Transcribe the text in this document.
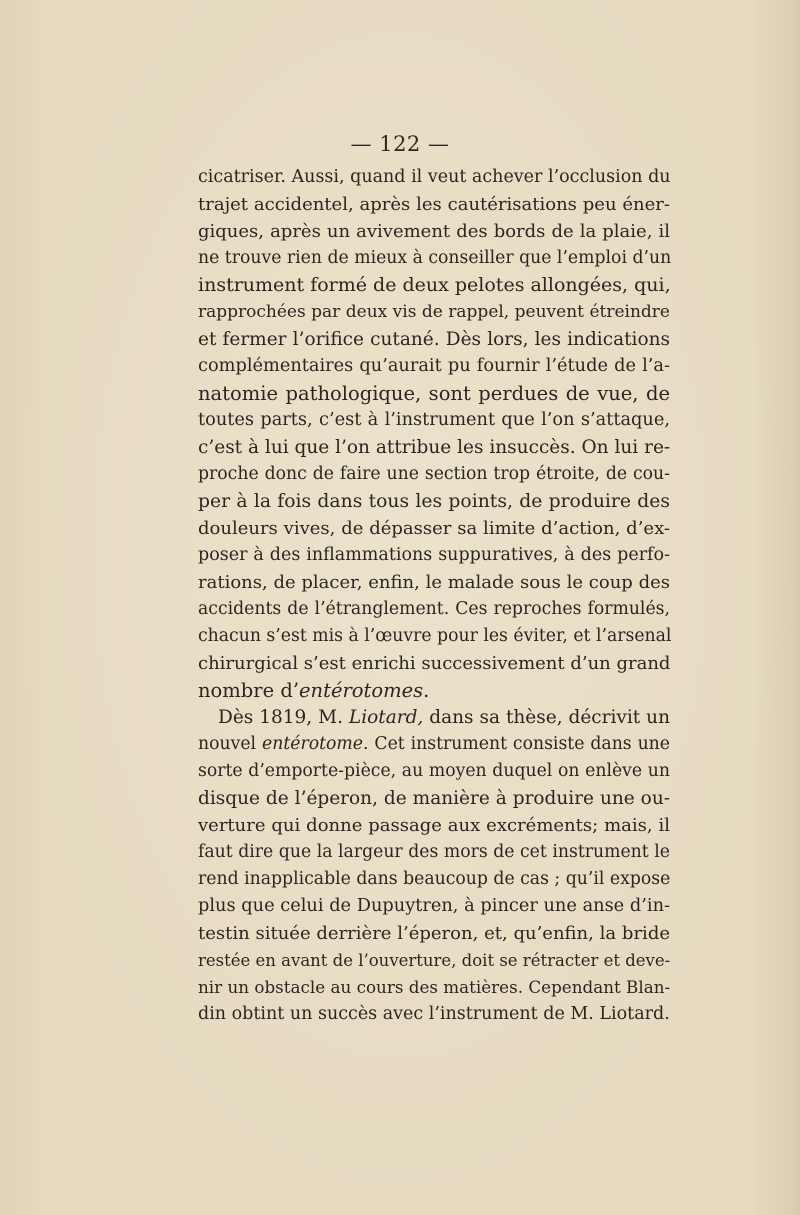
— 122 —
cicatriser. Aussi, quand il veut achever l’occlusion du
trajet accidentel, après les cautérisations peu éner-
giques, après un avivement des bords de la plaie, il
ne trouve rien de mieux à conseiller que l’emploi d’un
instrument formé de deux pelotes allongées, qui,
rapprochées par deux vis de rappel, peuvent étreindre
et fermer l’orifice cutané. Dès lors, les indications
complémentaires qu’aurait pu fournir l’étude de l’a-
natomie pathologique, sont perdues de vue, de
toutes parts, c’est à l’instrument que l’on s’attaque,
c’est à lui que l’on attribue les insuccès. On lui re-
proche donc de faire une section trop étroite, de cou-
per à la fois dans tous les points, de produire des
douleurs vives, de dépasser sa limite d’action, d’ex-
poser à des inflammations suppuratives, à des perfo-
rations, de placer, enfin, le malade sous le coup des
accidents de l’étranglement. Ces reproches formulés,
chacun s’est mis à l’œuvre pour les éviter, et l’arsenal
chirurgical s’est enrichi successivement d’un grand
nombre d’entérotomes.
Dès 1819, M. Liotard, dans sa thèse, décrivit un
nouvel entérotome. Cet instrument consiste dans une
sorte d’emporte-pièce, au moyen duquel on enlève un
disque de l’éperon, de manière à produire une ou-
verture qui donne passage aux excréments; mais, il
faut dire que la largeur des mors de cet instrument le
rend inapplicable dans beaucoup de cas ; qu’il expose
plus que celui de Dupuytren, à pincer une anse d’in-
testin située derrière l’éperon, et, qu’enfin, la bride
restée en avant de l’ouverture, doit se rétracter et deve-
nir un obstacle au cours des matières. Cependant Blan-
din obtint un succès avec l’instrument de M. Liotard.
